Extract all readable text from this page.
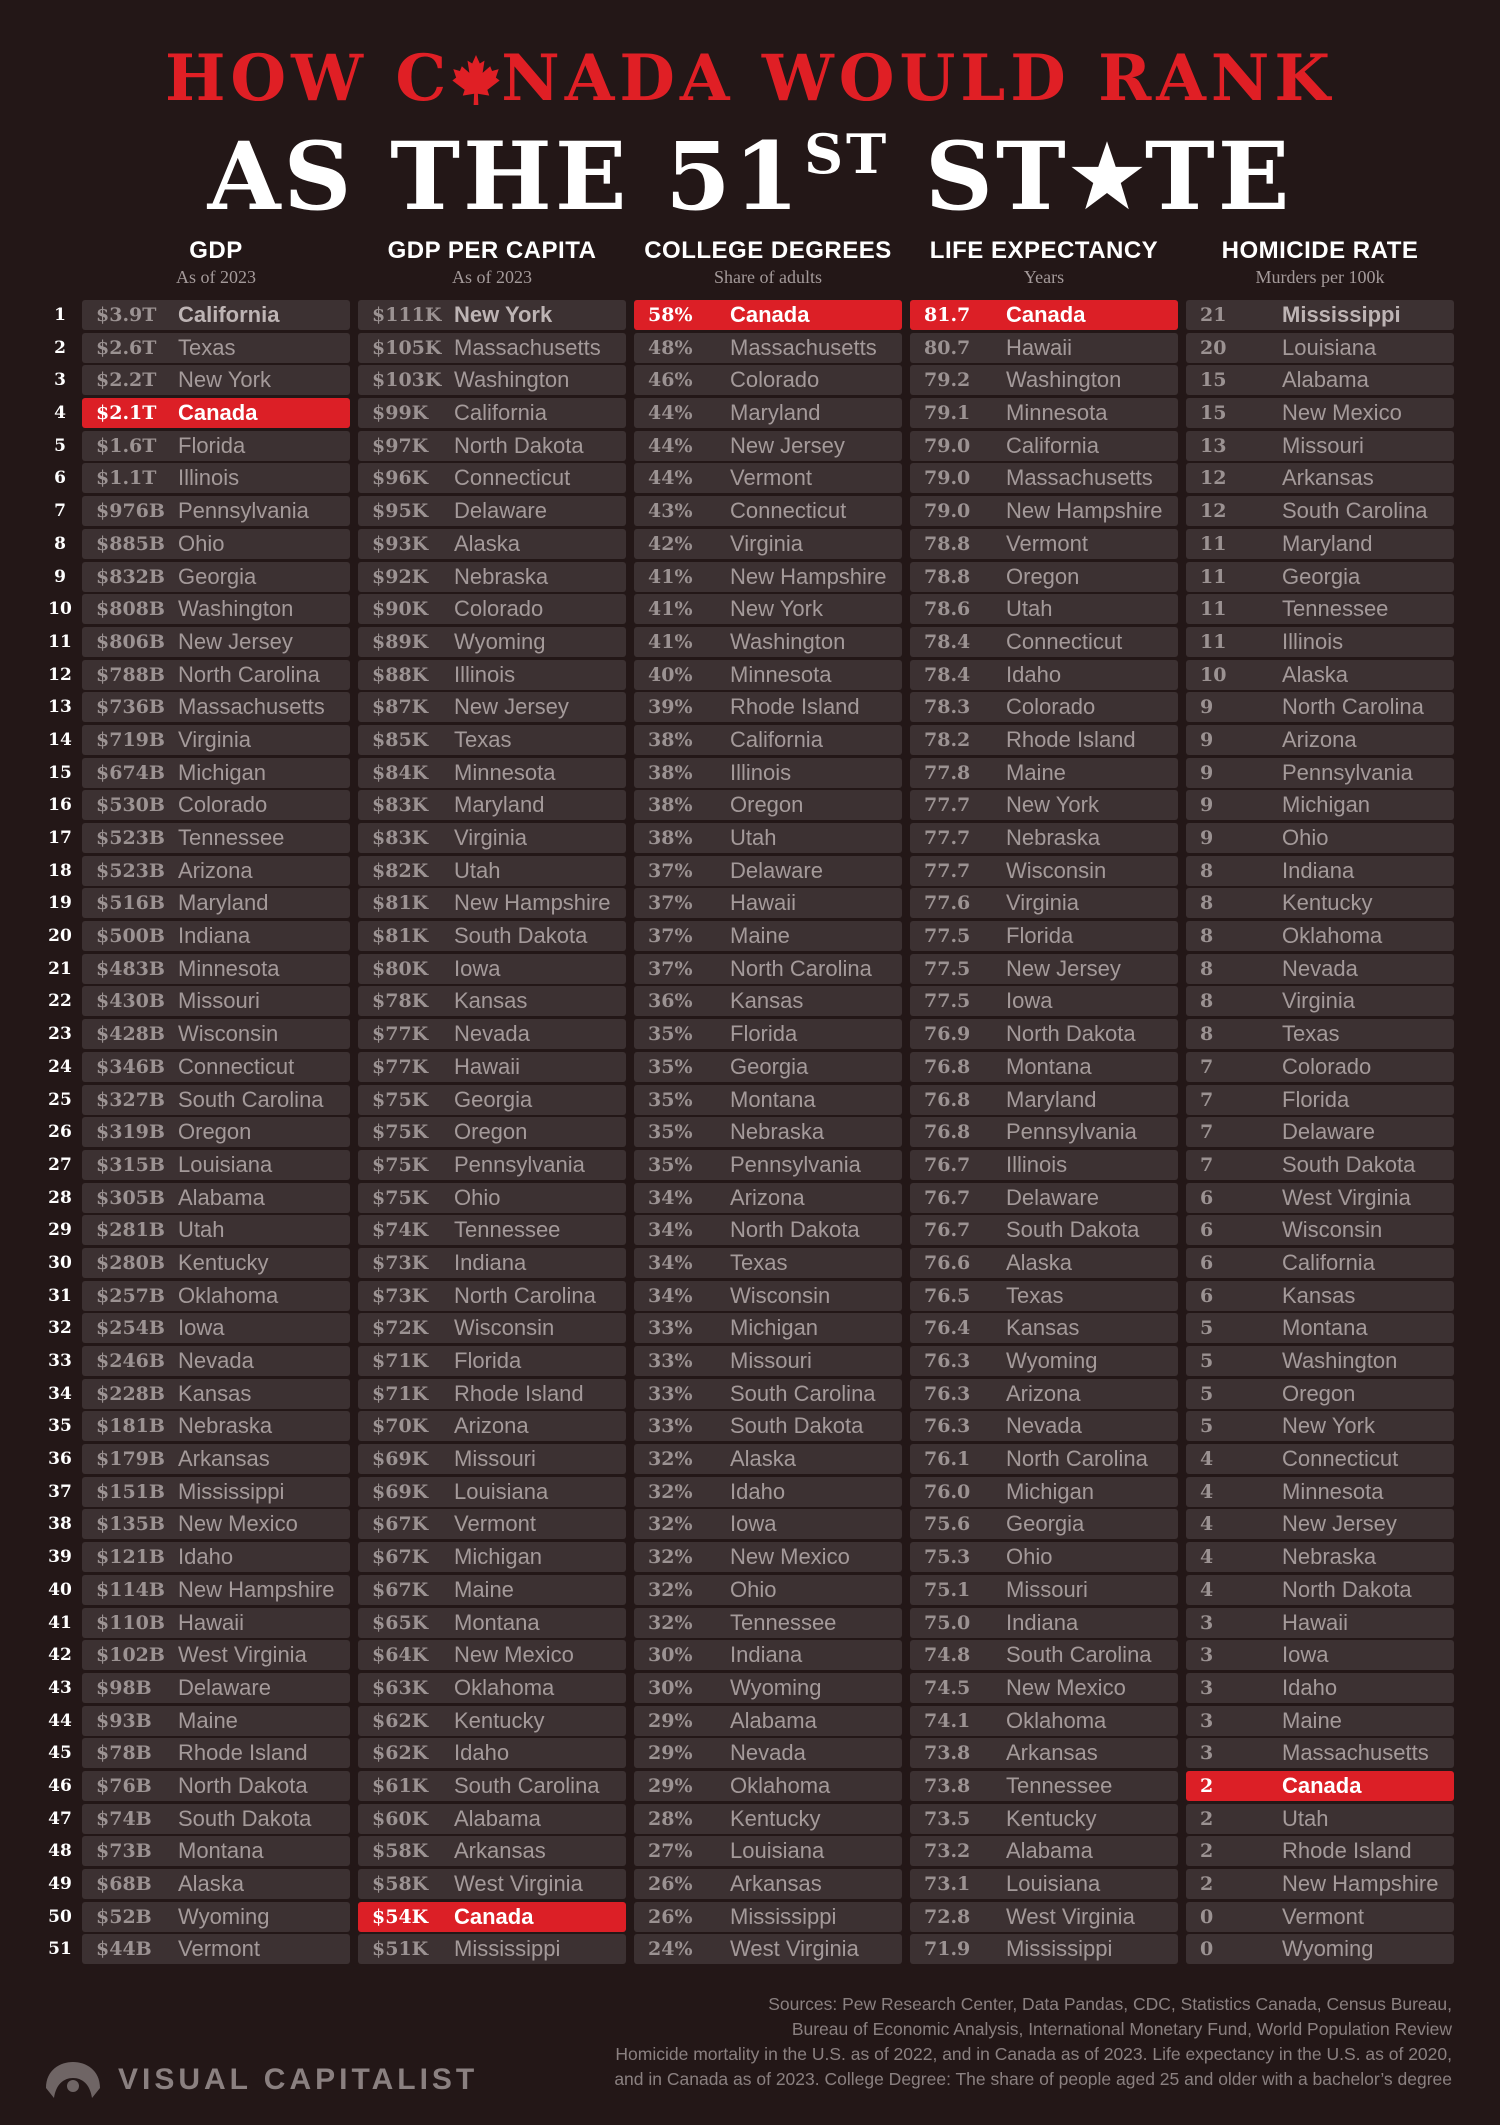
HOW C NADA WOULD RANK
AS THE 51ST ST TE
GDP
As of 2023
GDP PER CAPITA
As of 2023
COLLEGE DEGREES
Share of adults
LIFE EXPECTANCY
Years
HOMICIDE RATE
Murders per 100k
1	$3.9T California	$111K New York	58% Canada	81.7 Canada	21	Mississippi
2	$2.6T Texas	$105K Massachusetts 48% Massachusetts 80.7 Hawaii	20	Louisiana
3	$2.2T New York	$103K Washington	46% Colorado	79.2 Washington	15	Alabama
4	$2.1T Canada	$99K California	44% Maryland	79.1 Minnesota	15	New Mexico
5	$1.6T Florida	$97K North Dakota	44% New Jersey	79.0 California	13	Missouri
6	$1.1T Illinois	$96K Connecticut	44% Vermont	79.0 Massachusetts 12	Arkansas
7	$976B Pennsylvania	$95K Delaware	43% Connecticut	79.0 New Hampshire 12	South Carolina
8	$885B Ohio	$93K Alaska	42% Virginia	78.8 Vermont	11	Maryland
9	$832B Georgia	$92K Nebraska	41% New Hampshire 78.8 Oregon	11	Georgia
10	$808B Washington	$90K Colorado	41% New York	78.6 Utah	11	Tennessee
11	$806B New Jersey	$89K Wyoming	41% Washington	78.4 Connecticut	11	Illinois
12	$788B North Carolina	$88K Illinois	40% Minnesota	78.4 Idaho	10	Alaska
13	$736B Massachusetts $87K New Jersey	39% Rhode Island	78.3 Colorado	9	North Carolina
14	$719B Virginia	$85K Texas	38% California	78.2 Rhode Island	9	Arizona
15	$674B Michigan	$84K Minnesota	38% Illinois	77.8 Maine	9	Pennsylvania
16	$530B Colorado	$83K Maryland	38% Oregon	77.7 New York	9	Michigan
17	$523B Tennessee	$83K Virginia	38% Utah	77.7 Nebraska	9	Ohio
18	$523B Arizona	$82K Utah	37% Delaware	77.7 Wisconsin	8	Indiana
19	$516B Maryland	$81K New Hampshire 37% Hawaii	77.6 Virginia	8	Kentucky
20	$500B Indiana	$81K South Dakota	37% Maine	77.5 Florida	8	Oklahoma
21	$483B Minnesota	$80K Iowa	37% North Carolina	77.5 New Jersey	8	Nevada
22	$430B Missouri	$78K Kansas	36% Kansas	77.5 Iowa	8	Virginia
23	$428B Wisconsin	$77K Nevada	35% Florida	76.9 North Dakota	8	Texas
24	$346B Connecticut	$77K Hawaii	35% Georgia	76.8 Montana	7	Colorado
25	$327B South Carolina	$75K Georgia	35% Montana	76.8 Maryland	7	Florida
26	$319B Oregon	$75K Oregon	35% Nebraska	76.8 Pennsylvania	7	Delaware
27	$315B Louisiana	$75K Pennsylvania	35% Pennsylvania	76.7 Illinois	7	South Dakota
28	$305B Alabama	$75K Ohio	34% Arizona	76.7 Delaware	6	West Virginia
29	$281B Utah	$74K Tennessee	34% North Dakota	76.7 South Dakota	6	Wisconsin
30	$280B Kentucky	$73K Indiana	34% Texas	76.6 Alaska	6	California
31	$257B Oklahoma	$73K North Carolina	34% Wisconsin	76.5 Texas	6	Kansas
32	$254B Iowa	$72K Wisconsin	33% Michigan	76.4 Kansas	5	Montana
33	$246B Nevada	$71K Florida	33% Missouri	76.3 Wyoming	5	Washington
34	$228B Kansas	$71K Rhode Island	33% South Carolina	76.3 Arizona	5	Oregon
35	$181B Nebraska	$70K Arizona	33% South Dakota	76.3 Nevada	5	New York
36	$179B Arkansas	$69K Missouri	32% Alaska	76.1 North Carolina	4	Connecticut
37	$151B Mississippi	$69K Louisiana	32% Idaho	76.0 Michigan	4	Minnesota
38	$135B New Mexico	$67K Vermont	32% Iowa	75.6 Georgia	4	New Jersey
39	$121B Idaho	$67K Michigan	32% New Mexico	75.3 Ohio	4	Nebraska
40	$114B New Hampshire $67K Maine	32% Ohio	75.1 Missouri	4	North Dakota
41	$110B Hawaii	$65K Montana	32% Tennessee	75.0 Indiana	3	Hawaii
42	$102B West Virginia	$64K New Mexico	30% Indiana	74.8 South Carolina	3	Iowa
43	$98B Delaware	$63K Oklahoma	30% Wyoming	74.5 New Mexico	3	Idaho
44	$93B Maine	$62K Kentucky	29% Alabama	74.1 Oklahoma	3	Maine
45	$78B Rhode Island	$62K Idaho	29% Nevada	73.8 Arkansas	3	Massachusetts
46	$76B North Dakota	$61K South Carolina	29% Oklahoma	73.8 Tennessee	2	Canada
47	$74B South Dakota	$60K Alabama	28% Kentucky	73.5 Kentucky	2	Utah
48	$73B Montana	$58K Arkansas	27% Louisiana	73.2 Alabama	2	Rhode Island
49	$68B Alaska	$58K West Virginia	26% Arkansas	73.1 Louisiana	2	New Hampshire
50	$52B Wyoming	$54K Canada	26% Mississippi	72.8 West Virginia	0	Vermont
51	$44B Vermont	$51K Mississippi	24% West Virginia	71.9 Mississippi	0	Wyoming
Sources: Pew Research Center, Data Pandas, CDC, Statistics Canada, Census Bureau,
Bureau of Economic Analysis, International Monetary Fund, World Population Review
Homicide mortality in the U.S. as of 2022, and in Canada as of 2023. Life expectancy in the U.S. as of 2020,
and in Canada as of 2023. College Degree: The share of people aged 25 and older with a bachelor’s degree
VISUAL CAPITALIST
